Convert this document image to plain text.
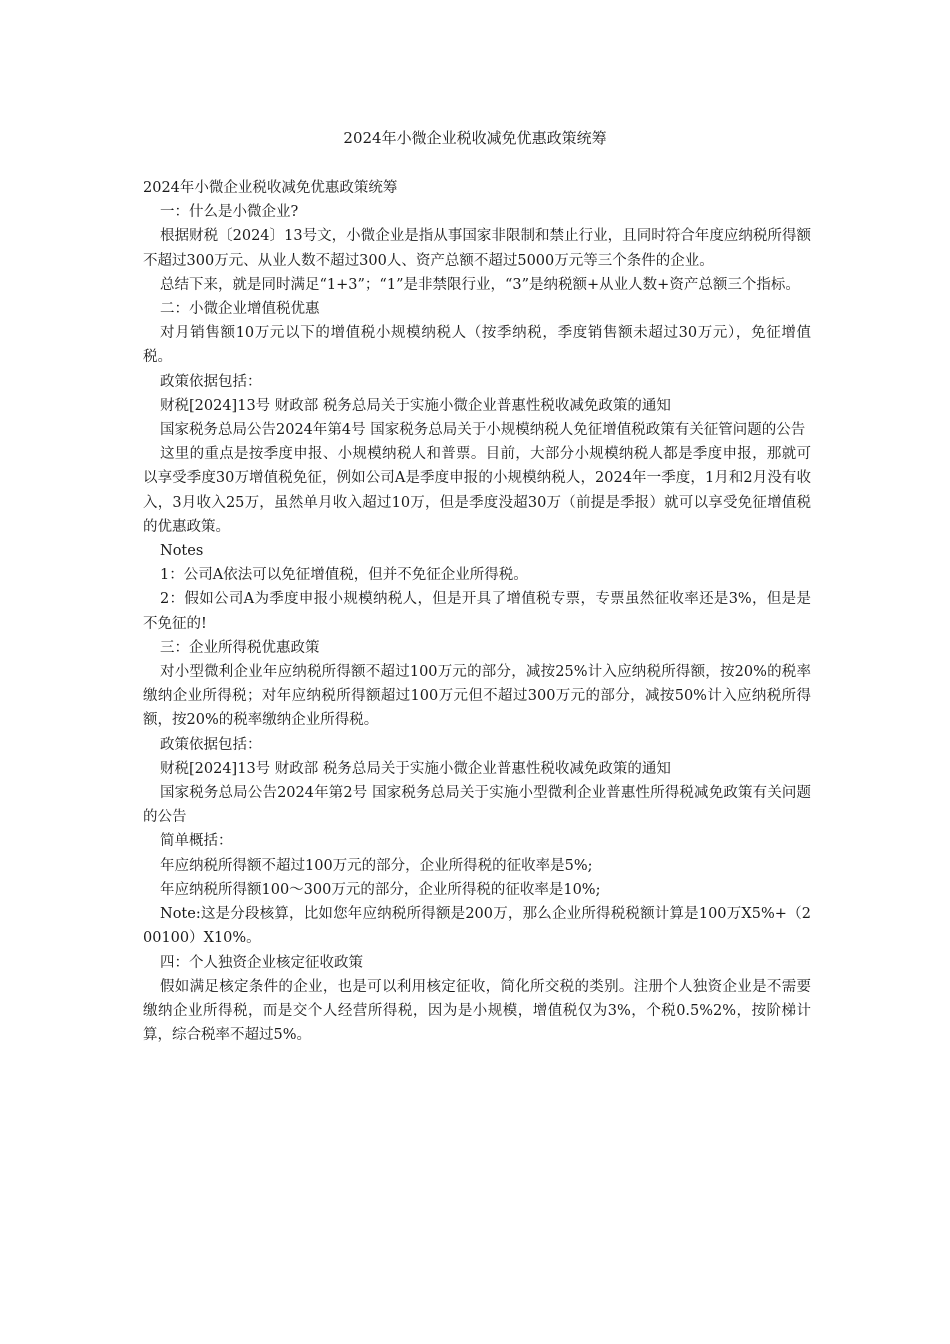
2024年小微企业税收减免优惠政策统筹

2024年小微企业税收减免优惠政策统筹

一：什么是小微企业?

根据财税〔2024〕13号文，小微企业是指从事国家非限制和禁止行业，且同时符合年度应纳税所得额不超过300万元、从业人数不超过300人、资产总额不超过5000万元等三个条件的企业。

总结下来，就是同时满足“1+3”；“1”是非禁限行业，“3”是纳税额+从业人数+资产总额三个指标。

二：小微企业增值税优惠

对月销售额10万元以下的增值税小规模纳税人（按季纳税，季度销售额未超过30万元），免征增值税。

政策依据包括：

财税[2024]13号 财政部 税务总局关于实施小微企业普惠性税收减免政策的通知

国家税务总局公告2024年第4号 国家税务总局关于小规模纳税人免征增值税政策有关征管问题的公告

这里的重点是按季度申报、小规模纳税人和普票。目前，大部分小规模纳税人都是季度申报，那就可以享受季度30万增值税免征，例如公司A是季度申报的小规模纳税人，2024年一季度，1月和2月没有收入，3月收入25万，虽然单月收入超过10万，但是季度没超30万（前提是季报）就可以享受免征增值税的优惠政策。

Notes

1：公司A依法可以免征增值税，但并不免征企业所得税。

2：假如公司A为季度申报小规模纳税人，但是开具了增值税专票，专票虽然征收率还是3%，但是是不免征的!

三：企业所得税优惠政策

对小型微利企业年应纳税所得额不超过100万元的部分，减按25%计入应纳税所得额，按20%的税率缴纳企业所得税；对年应纳税所得额超过100万元但不超过300万元的部分，减按50%计入应纳税所得额，按20%的税率缴纳企业所得税。

政策依据包括：

财税[2024]13号 财政部 税务总局关于实施小微企业普惠性税收减免政策的通知

国家税务总局公告2024年第2号 国家税务总局关于实施小型微利企业普惠性所得税减免政策有关问题的公告

简单概括：

年应纳税所得额不超过100万元的部分，企业所得税的征收率是5%;

年应纳税所得额100～300万元的部分，企业所得税的征收率是10%;

Note:这是分段核算，比如您年应纳税所得额是200万，那么企业所得税税额计算是100万X5%+（200100）X10%。

四：个人独资企业核定征收政策

假如满足核定条件的企业，也是可以利用核定征收，简化所交税的类别。注册个人独资企业是不需要缴纳企业所得税，而是交个人经营所得税，因为是小规模，增值税仅为3%，个税0.5%2%，按阶梯计算，综合税率不超过5%。
